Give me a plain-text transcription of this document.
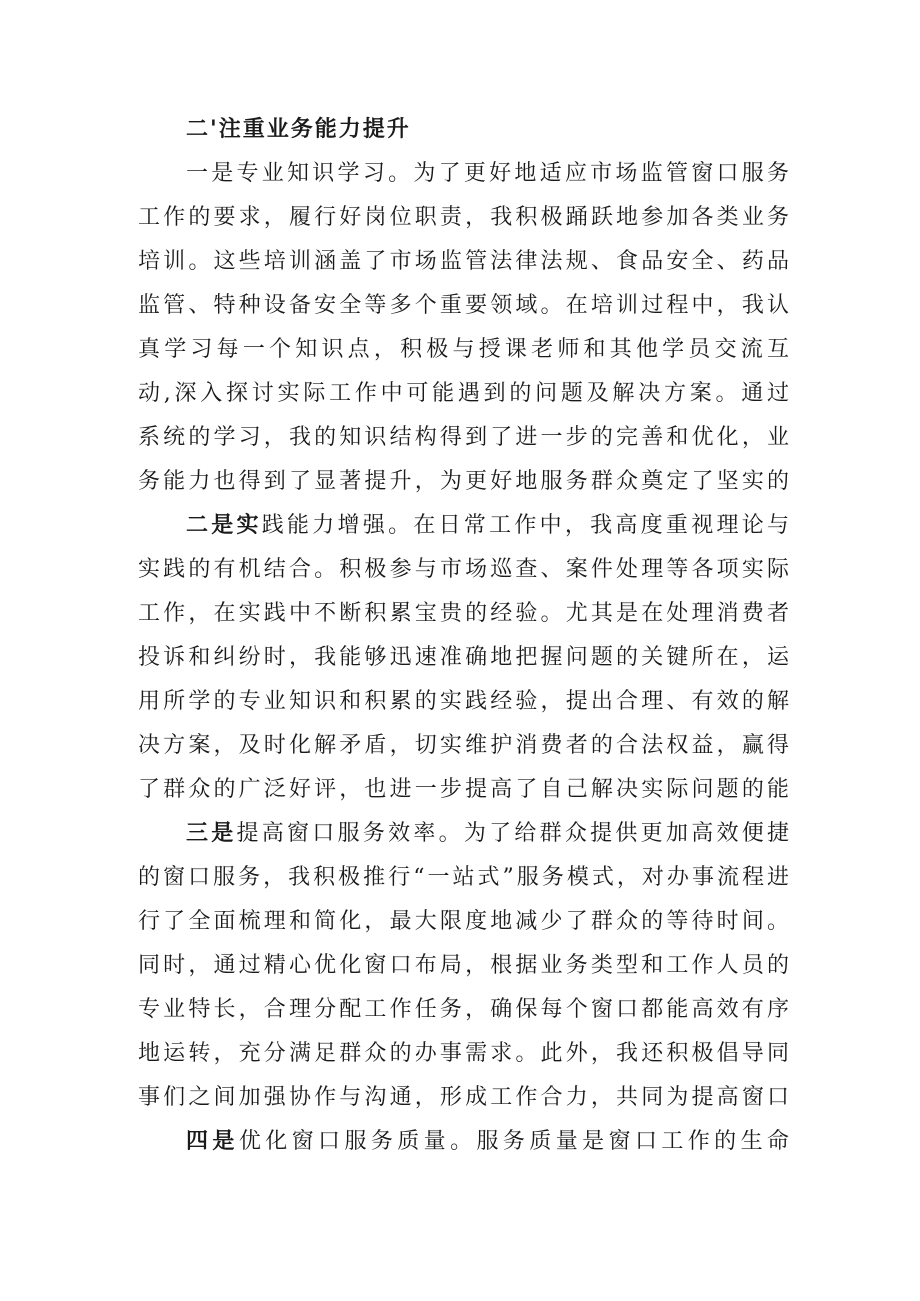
二'注重业务能力提升

一是专业知识学习。为了更好地适应市场监管窗口服务工作的要求，履行好岗位职责，我积极踊跃地参加各类业务培训。这些培训涵盖了市场监管法律法规、食品安全、药品监管、特种设备安全等多个重要领域。在培训过程中，我认真学习每一个知识点，积极与授课老师和其他学员交流互动,深入探讨实际工作中可能遇到的问题及解决方案。通过系统的学习，我的知识结构得到了进一步的完善和优化，业务能力也得到了显著提升，为更好地服务群众奠定了坚实的

二是实践能力增强。在日常工作中，我高度重视理论与实践的有机结合。积极参与市场巡查、案件处理等各项实际工作，在实践中不断积累宝贵的经验。尤其是在处理消费者投诉和纠纷时，我能够迅速准确地把握问题的关键所在，运用所学的专业知识和积累的实践经验，提出合理、有效的解决方案，及时化解矛盾，切实维护消费者的合法权益，赢得了群众的广泛好评，也进一步提高了自己解决实际问题的能

三是提高窗口服务效率。为了给群众提供更加高效便捷的窗口服务，我积极推行“一站式”服务模式，对办事流程进行了全面梳理和简化，最大限度地减少了群众的等待时间。同时，通过精心优化窗口布局，根据业务类型和工作人员的专业特长，合理分配工作任务，确保每个窗口都能高效有序地运转，充分满足群众的办事需求。此外，我还积极倡导同事们之间加强协作与沟通，形成工作合力，共同为提高窗口

四是优化窗口服务质量。服务质量是窗口工作的生命
